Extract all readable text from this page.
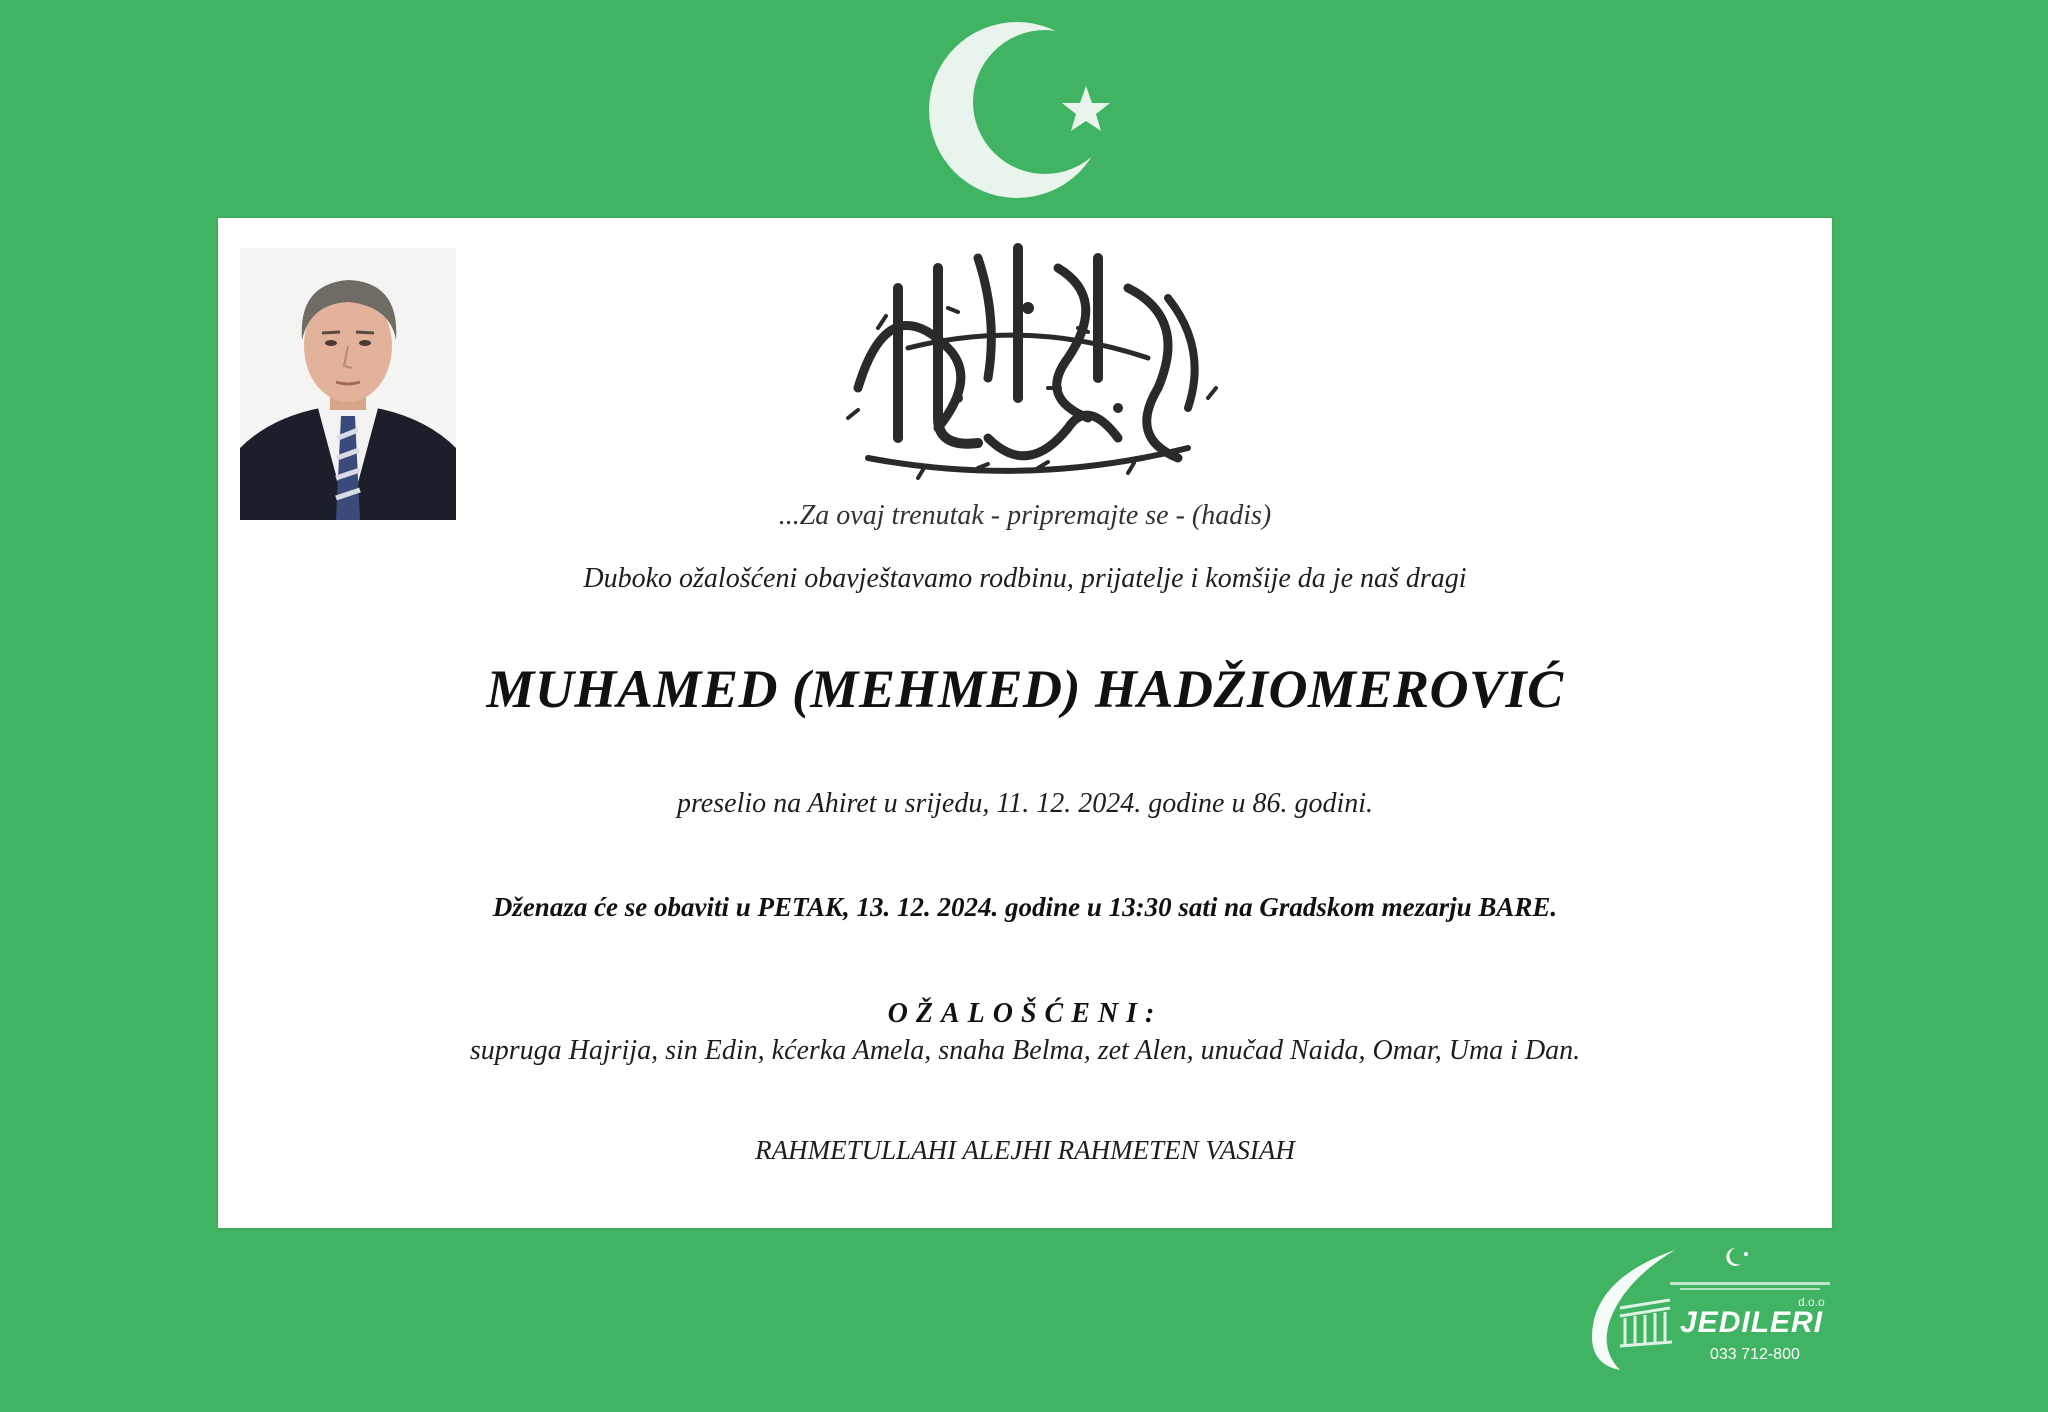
...Za ovaj trenutak - pripremajte se - (hadis)
Duboko ožalošćeni obavještavamo rodbinu, prijatelje i komšije da je naš dragi
MUHAMED (MEHMED) HADŽIOMEROVIĆ
preselio na Ahiret u srijedu, 11. 12. 2024. godine u 86. godini.
Dženaza će se obaviti u PETAK, 13. 12. 2024. godine u 13:30 sati na Gradskom mezarju BARE.
OŽALOŠĆENI:
supruga Hajrija, sin Edin, kćerka Amela, snaha Belma, zet Alen, unučad Naida, Omar, Uma i Dan.
RAHMETULLAHI ALEJHI RAHMETEN VASIAH
d.o.o
JEDILERI
033 712-800
